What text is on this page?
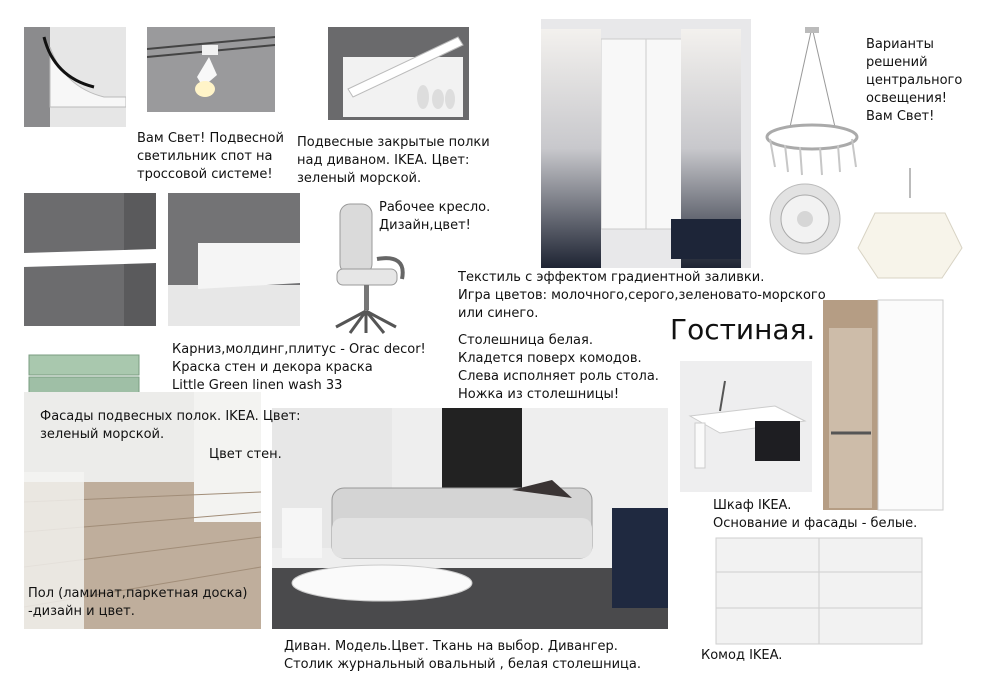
Вам Свет! Подвесной
светильник спот на
троссовой системе!
Подвесные закрытые полки
над диваном. IKEA. Цвет:
зеленый морской.
Рабочее кресло.
Дизайн,цвет!
Варианты
решений
центрального
освещения!
Вам Свет!
Текстиль с эффектом градиентной заливки.
Игра цветов: молочного,серого,зеленовато-морского
или синего.	Гостиная.
Столешница белая.
Кладется поверх комодов.
Слева исполняет роль стола.
Ножка из столешницы!
Карниз,молдинг,плитус - Orac decor!
Краска стен и декора краска
Little Green linen wash 33
Фасады подвесных полок. IKEA. Цвет:
зеленый морской.
Цвет стен.
Пол (ламинат,паркетная доска)
-дизайн и цвет.
Шкаф IKEA.
Основание и фасады - белые.
Диван. Модель.Цвет. Ткань на выбор. Дивангер.
Столик журнальный овальный , белая столешница.
Комод IKEA.
